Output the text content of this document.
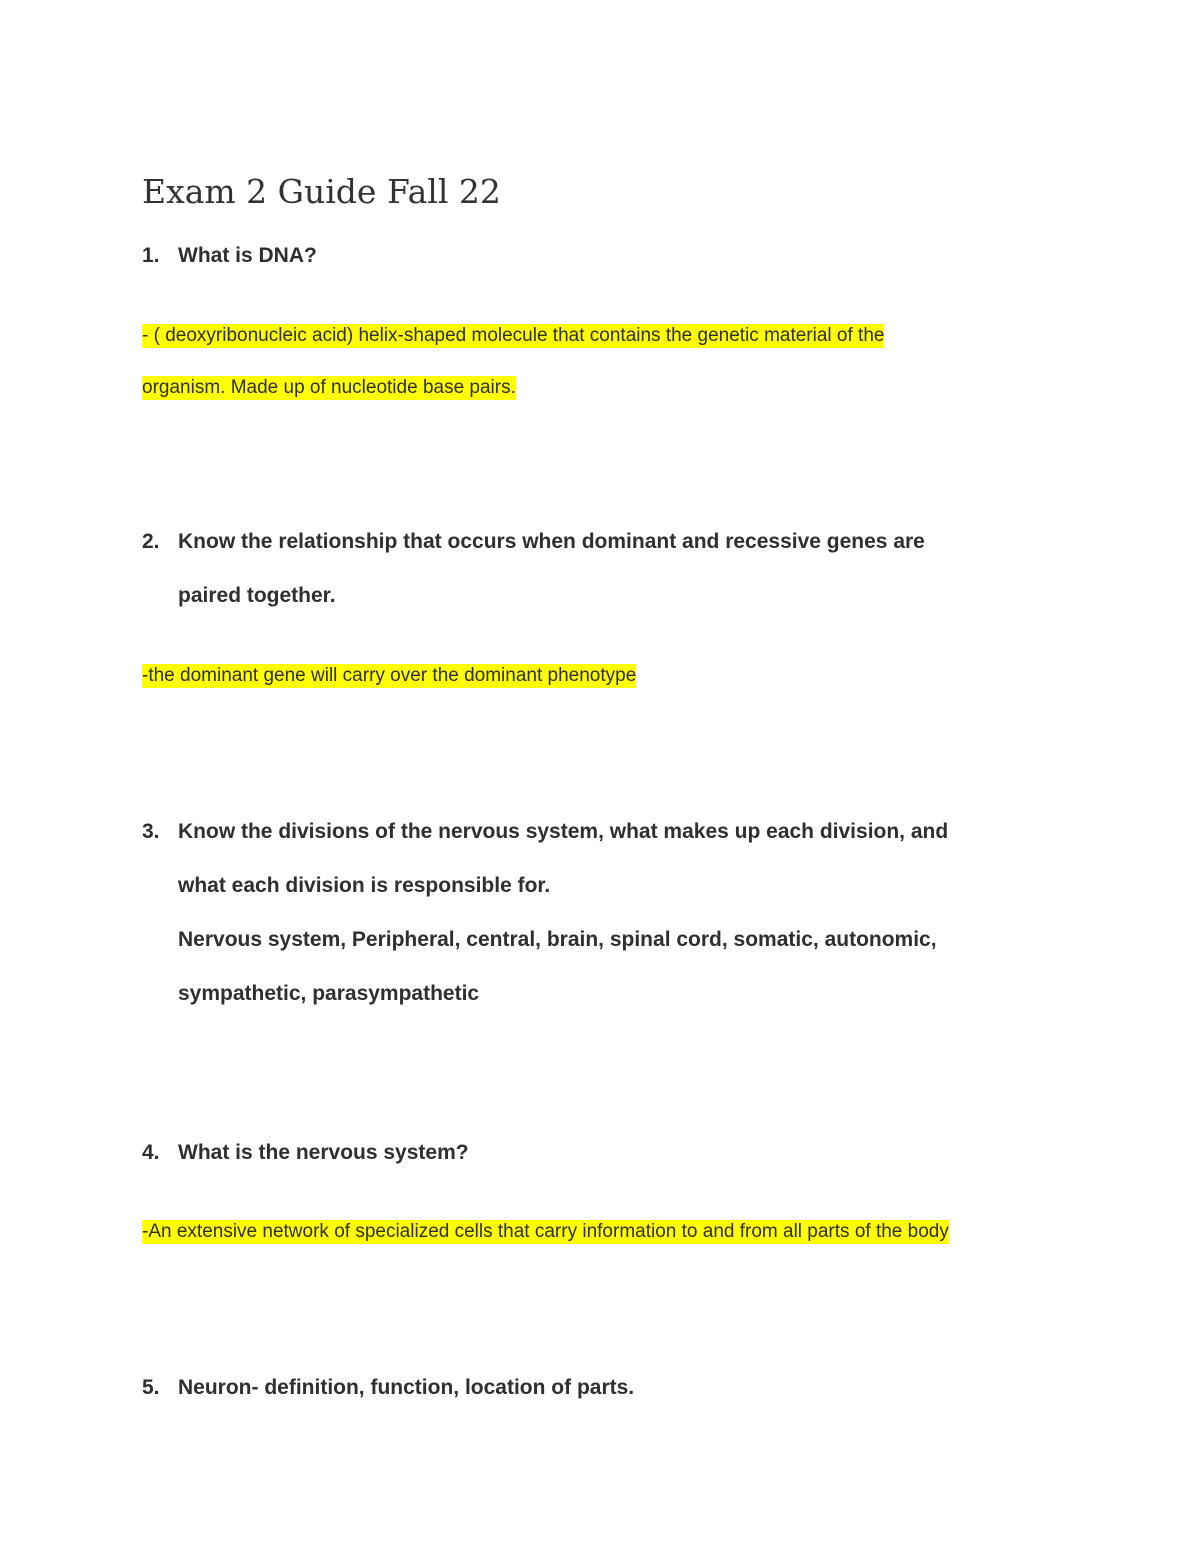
Exam 2 Guide Fall 22
1. What is DNA?
- ( deoxyribonucleic acid) helix-shaped molecule that contains the genetic material of the
organism. Made up of nucleotide base pairs.
2. Know the relationship that occurs when dominant and recessive genes are
paired together.
-the dominant gene will carry over the dominant phenotype
3. Know the divisions of the nervous system, what makes up each division, and
what each division is responsible for.
Nervous system, Peripheral, central, brain, spinal cord, somatic, autonomic,
sympathetic, parasympathetic
4. What is the nervous system?
-An extensive network of specialized cells that carry information to and from all parts of the body
5. Neuron- definition, function, location of parts.
